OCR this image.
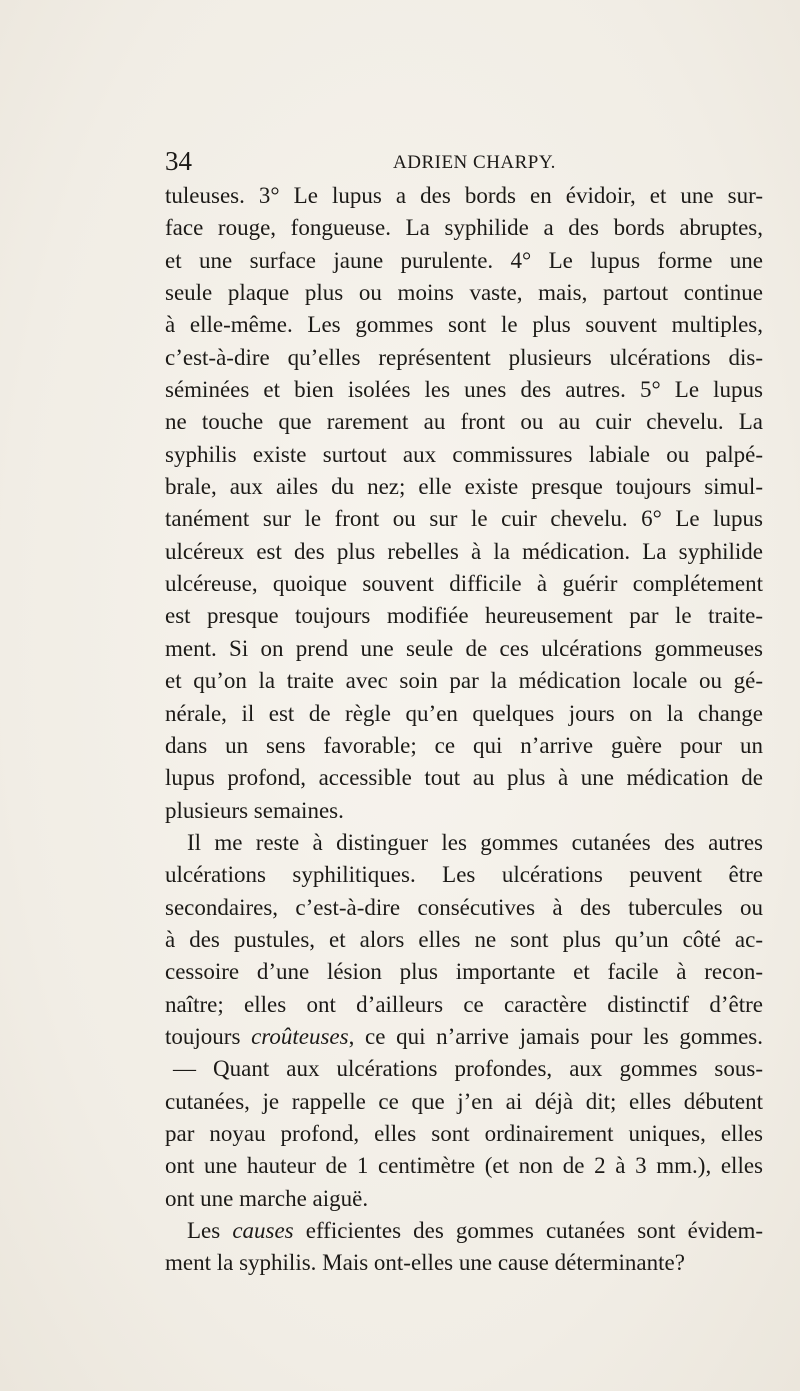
34	ADRIEN CHARPY.
tuleuses. 3° Le lupus a des bords en évidoir, et une sur-
face rouge, fongueuse. La syphilide a des bords abruptes,
et une surface jaune purulente. 4° Le lupus forme une
seule plaque plus ou moins vaste, mais, partout continue
à elle-même. Les gommes sont le plus souvent multiples,
c’est-à-dire qu’elles représentent plusieurs ulcérations dis-
séminées et bien isolées les unes des autres. 5° Le lupus
ne touche que rarement au front ou au cuir chevelu. La
syphilis existe surtout aux commissures labiale ou palpé-
brale, aux ailes du nez; elle existe presque toujours simul-
tanément sur le front ou sur le cuir chevelu. 6° Le lupus
ulcéreux est des plus rebelles à la médication. La syphilide
ulcéreuse, quoique souvent difficile à guérir complétement
est presque toujours modifiée heureusement par le traite-
ment. Si on prend une seule de ces ulcérations gommeuses
et qu’on la traite avec soin par la médication locale ou gé-
nérale, il est de règle qu’en quelques jours on la change
dans un sens favorable; ce qui n’arrive guère pour un
lupus profond, accessible tout au plus à une médication de
plusieurs semaines.
Il me reste à distinguer les gommes cutanées des autres
ulcérations syphilitiques. Les ulcérations peuvent être
secondaires, c’est-à-dire consécutives à des tubercules ou
à des pustules, et alors elles ne sont plus qu’un côté ac-
cessoire d’une lésion plus importante et facile à recon-
naître; elles ont d’ailleurs ce caractère distinctif d’être
toujours croûteuses, ce qui n’arrive jamais pour les gommes.
— Quant aux ulcérations profondes, aux gommes sous-
cutanées, je rappelle ce que j’en ai déjà dit; elles débutent
par noyau profond, elles sont ordinairement uniques, elles
ont une hauteur de 1 centimètre (et non de 2 à 3 mm.), elles
ont une marche aiguë.
Les causes efficientes des gommes cutanées sont évidem-
ment la syphilis. Mais ont-elles une cause déterminante?
